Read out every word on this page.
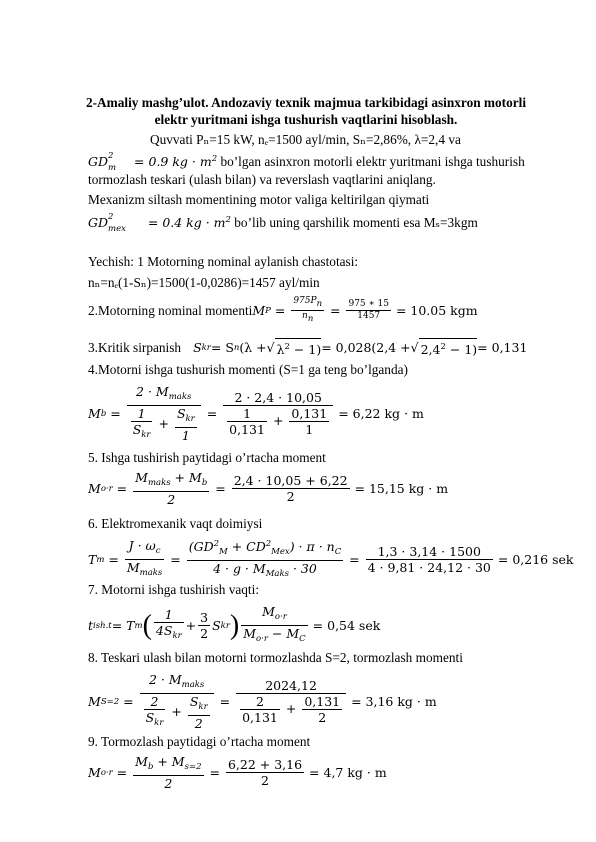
2-Amaliy mashg’ulot. Andozaviy texnik majmua tarkibidagi asinxron motorli elektr yuritmani ishga tushurish vaqtlarini hisoblash.
Quvvati Pₙ=15 kW, nₑ=1500 ayl/min, Sₙ=2,86%, λ=2,4 va
GD $^{2 m}$ = 0.9 kg · $m^2$ bo’lgan asinxron motorli elektr yuritmani ishga tushurish
tormozlash teskari (ulash bilan) va reversl​ash vaqtlarini aniqlang.
Mexanizm siltash momentining motor valiga keltirilgan qiymati
GD $^{2 mex}$ = 0.4 kg · $m^2$ bo’lib uning qarshilik momenti esa Mₛ=3kgm
Yechish: 1 Motorning nominal aylanish chastotasi:
nₙ=nₑ(1-Sₙ)=1500(1-0,0286)=1457 ayl/min
2.Motorning nominal momenti M $P = \frac{975Pn}{nn} = \frac{975 ∗ 15}{1457} = 10.05$ kgm
3.Kritik sirpanish S kr = S n (λ + √ $\lambda^2 - 1) = 0,028(2,4$ + √ $2,4^2 - 1) = 0,131$
4.Motorni ishga tushurish momenti (S=1 ga teng bo’lganda)
M $b = \frac{2 \cdot M_{maks}}{\frac{1}{S_{kr}} + \frac{S_{kr}}{1}} = \frac{2 \cdot 2,4 \cdot 10,05}{\frac{1}{0,131} + \frac{0,131}{1}} = 6,22$ kg · m
5. Ishga tushirish paytidagi o’rtacha moment
M $o\cdot r = \frac{M_{maks} + M_b}{2} = \frac{2,4 \cdot 10,05 + 6,22}{2} = 15,15$ kg · m
6. Elektromexanik vaqt doimiysi
T $m = \frac{J \cdot \omega_c}{M_{maks}} = \frac{(GD^2_M + CD^2_{Mex}) \cdot \pi \cdot n_C}{4 \cdot g \cdot M_{Maks} \cdot 30} = \frac{1,3 \cdot 3,14 \cdot 1500}{4 \cdot 9,81 \cdot 24,12 \cdot 30} = 0,216$ sek
7. Motorni ishga tushirish vaqti:
t ish.t = T m ( $\frac{1}{4S_{kr}} + \frac{3}{2}$ S kr ) $\frac{M_{o\cdot r}}{M_{o\cdot r} - M_C} = 0,54$ sek
8. Teskari ulash bilan motorni tormozlashda S=2, tormozlash momenti
M $S=2 = \frac{2 \cdot M_{maks}}{\frac{2}{S_{kr}} + \frac{S_{kr}}{2}} = \frac{2024,12}{\frac{2}{0,131} + \frac{0,131}{2}} = 3,16$ kg · m
9. Tormozlash paytidagi o’rtacha moment
M $o\cdot r = \frac{M_b + M_{s=2}}{2} = \frac{6,22 + 3,16}{2} = 4,7$ kg · m
